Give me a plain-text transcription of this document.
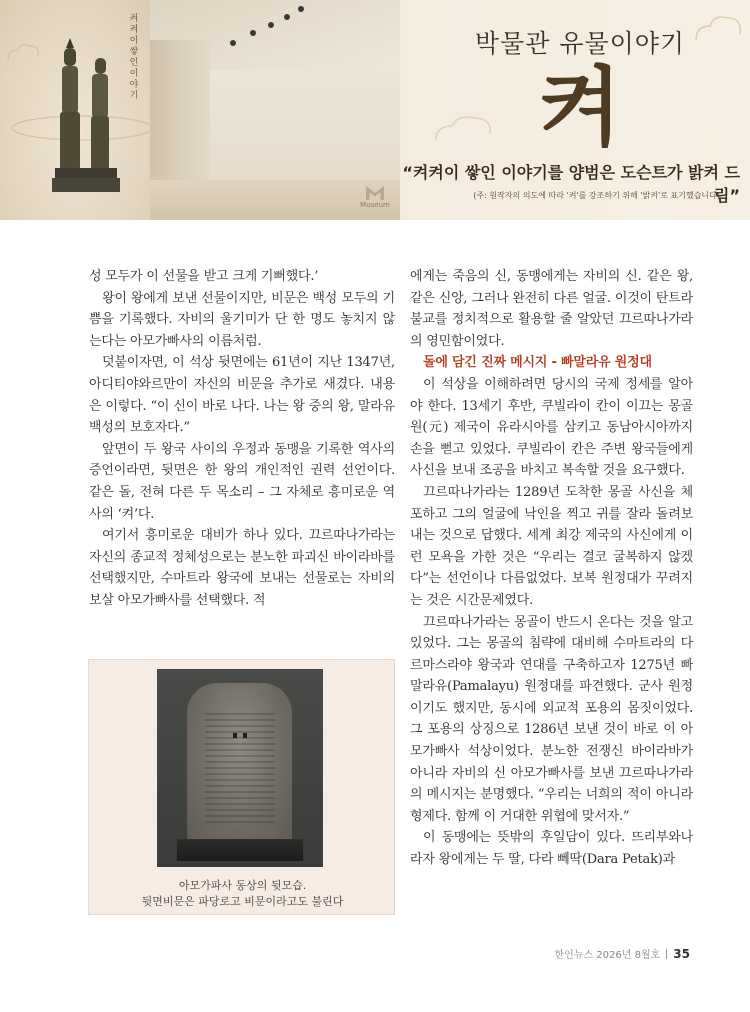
켜켜이 쌓인 이야기
Museum
박물관 유물이야기
켜
“켜켜이 쌓인 이야기를 양범은 도슨트가 밝켜 드림”
(주: 원작자의 의도에 따라 '켜'를 강조하기 위해 '밝켜'로 표기했습니다)

성 모두가 이 선물을 받고 크게 기뻐했다.’

왕이 왕에게 보낸 선물이지만, 비문은 백성 모두의 기쁨을 기록했다. 자비의 울기미가 단 한 명도 놓치지 않는다는 아모가빠사의 이름처럼.

덧붙이자면, 이 석상 뒷면에는 61년이 지난 1347년, 아디티야와르만이 자신의 비문을 추가로 새겼다. 내용은 이렇다. “이 신이 바로 나다. 나는 왕 중의 왕, 말라유 백성의 보호자다.”

앞면이 두 왕국 사이의 우정과 동맹을 기록한 역사의 증언이라면, 뒷면은 한 왕의 개인적인 권력 선언이다. 같은 돌, 전혀 다른 두 목소리 – 그 자체로 흥미로운 역사의 ‘켜’다.

여기서 흥미로운 대비가 하나 있다. 끄르따나가라는 자신의 종교적 정체성으로는 분노한 파괴신 바이라바를 선택했지만, 수마트라 왕국에 보내는 선물로는 자비의 보살 아모가빠사를 선택했다. 적

아모가파사 동상의 뒷모습.
뒷면비문은 파당로고 비문이라고도 불린다

에게는 죽음의 신, 동맹에게는 자비의 신. 같은 왕, 같은 신앙, 그러나 완전히 다른 얼굴. 이것이 탄트라 불교를 정치적으로 활용할 줄 알았던 끄르따나가라의 영민함이었다.

돌에 담긴 진짜 메시지 - 빠말라유 원정대

이 석상을 이해하려면 당시의 국제 정세를 알아야 한다. 13세기 후반, 쿠빌라이 칸이 이끄는 몽골 원(元) 제국이 유라시아를 삼키고 동남아시아까지 손을 뻗고 있었다. 쿠빌라이 칸은 주변 왕국들에게 사신을 보내 조공을 바치고 복속할 것을 요구했다.

끄르따나가라는 1289년 도착한 몽골 사신을 체포하고 그의 얼굴에 낙인을 찍고 귀를 잘라 돌려보내는 것으로 답했다. 세계 최강 제국의 사신에게 이런 모욕을 가한 것은 “우리는 결코 굴복하지 않겠다”는 선언이나 다름없었다. 보복 원정대가 꾸려지는 것은 시간문제였다.

끄르따나가라는 몽골이 반드시 온다는 것을 알고 있었다. 그는 몽골의 침략에 대비해 수마트라의 다르마스라야 왕국과 연대를 구축하고자 1275년 빠말라유(Pamalayu) 원정대를 파견했다. 군사 원정이기도 했지만, 동시에 외교적 포용의 몸짓이었다. 그 포용의 상징으로 1286년 보낸 것이 바로 이 아모가빠사 석상이었다. 분노한 전쟁신 바이라바가 아니라 자비의 신 아모가빠사를 보낸 끄르따나가라의 메시지는 분명했다. “우리는 너희의 적이 아니라 형제다. 함께 이 거대한 위협에 맞서자.”

이 동맹에는 뜻밖의 후일담이 있다. 뜨리부와나라자 왕에게는 두 딸, 다라 뻬딱(Dara Petak)과

한인뉴스 2026년 8월호 35
